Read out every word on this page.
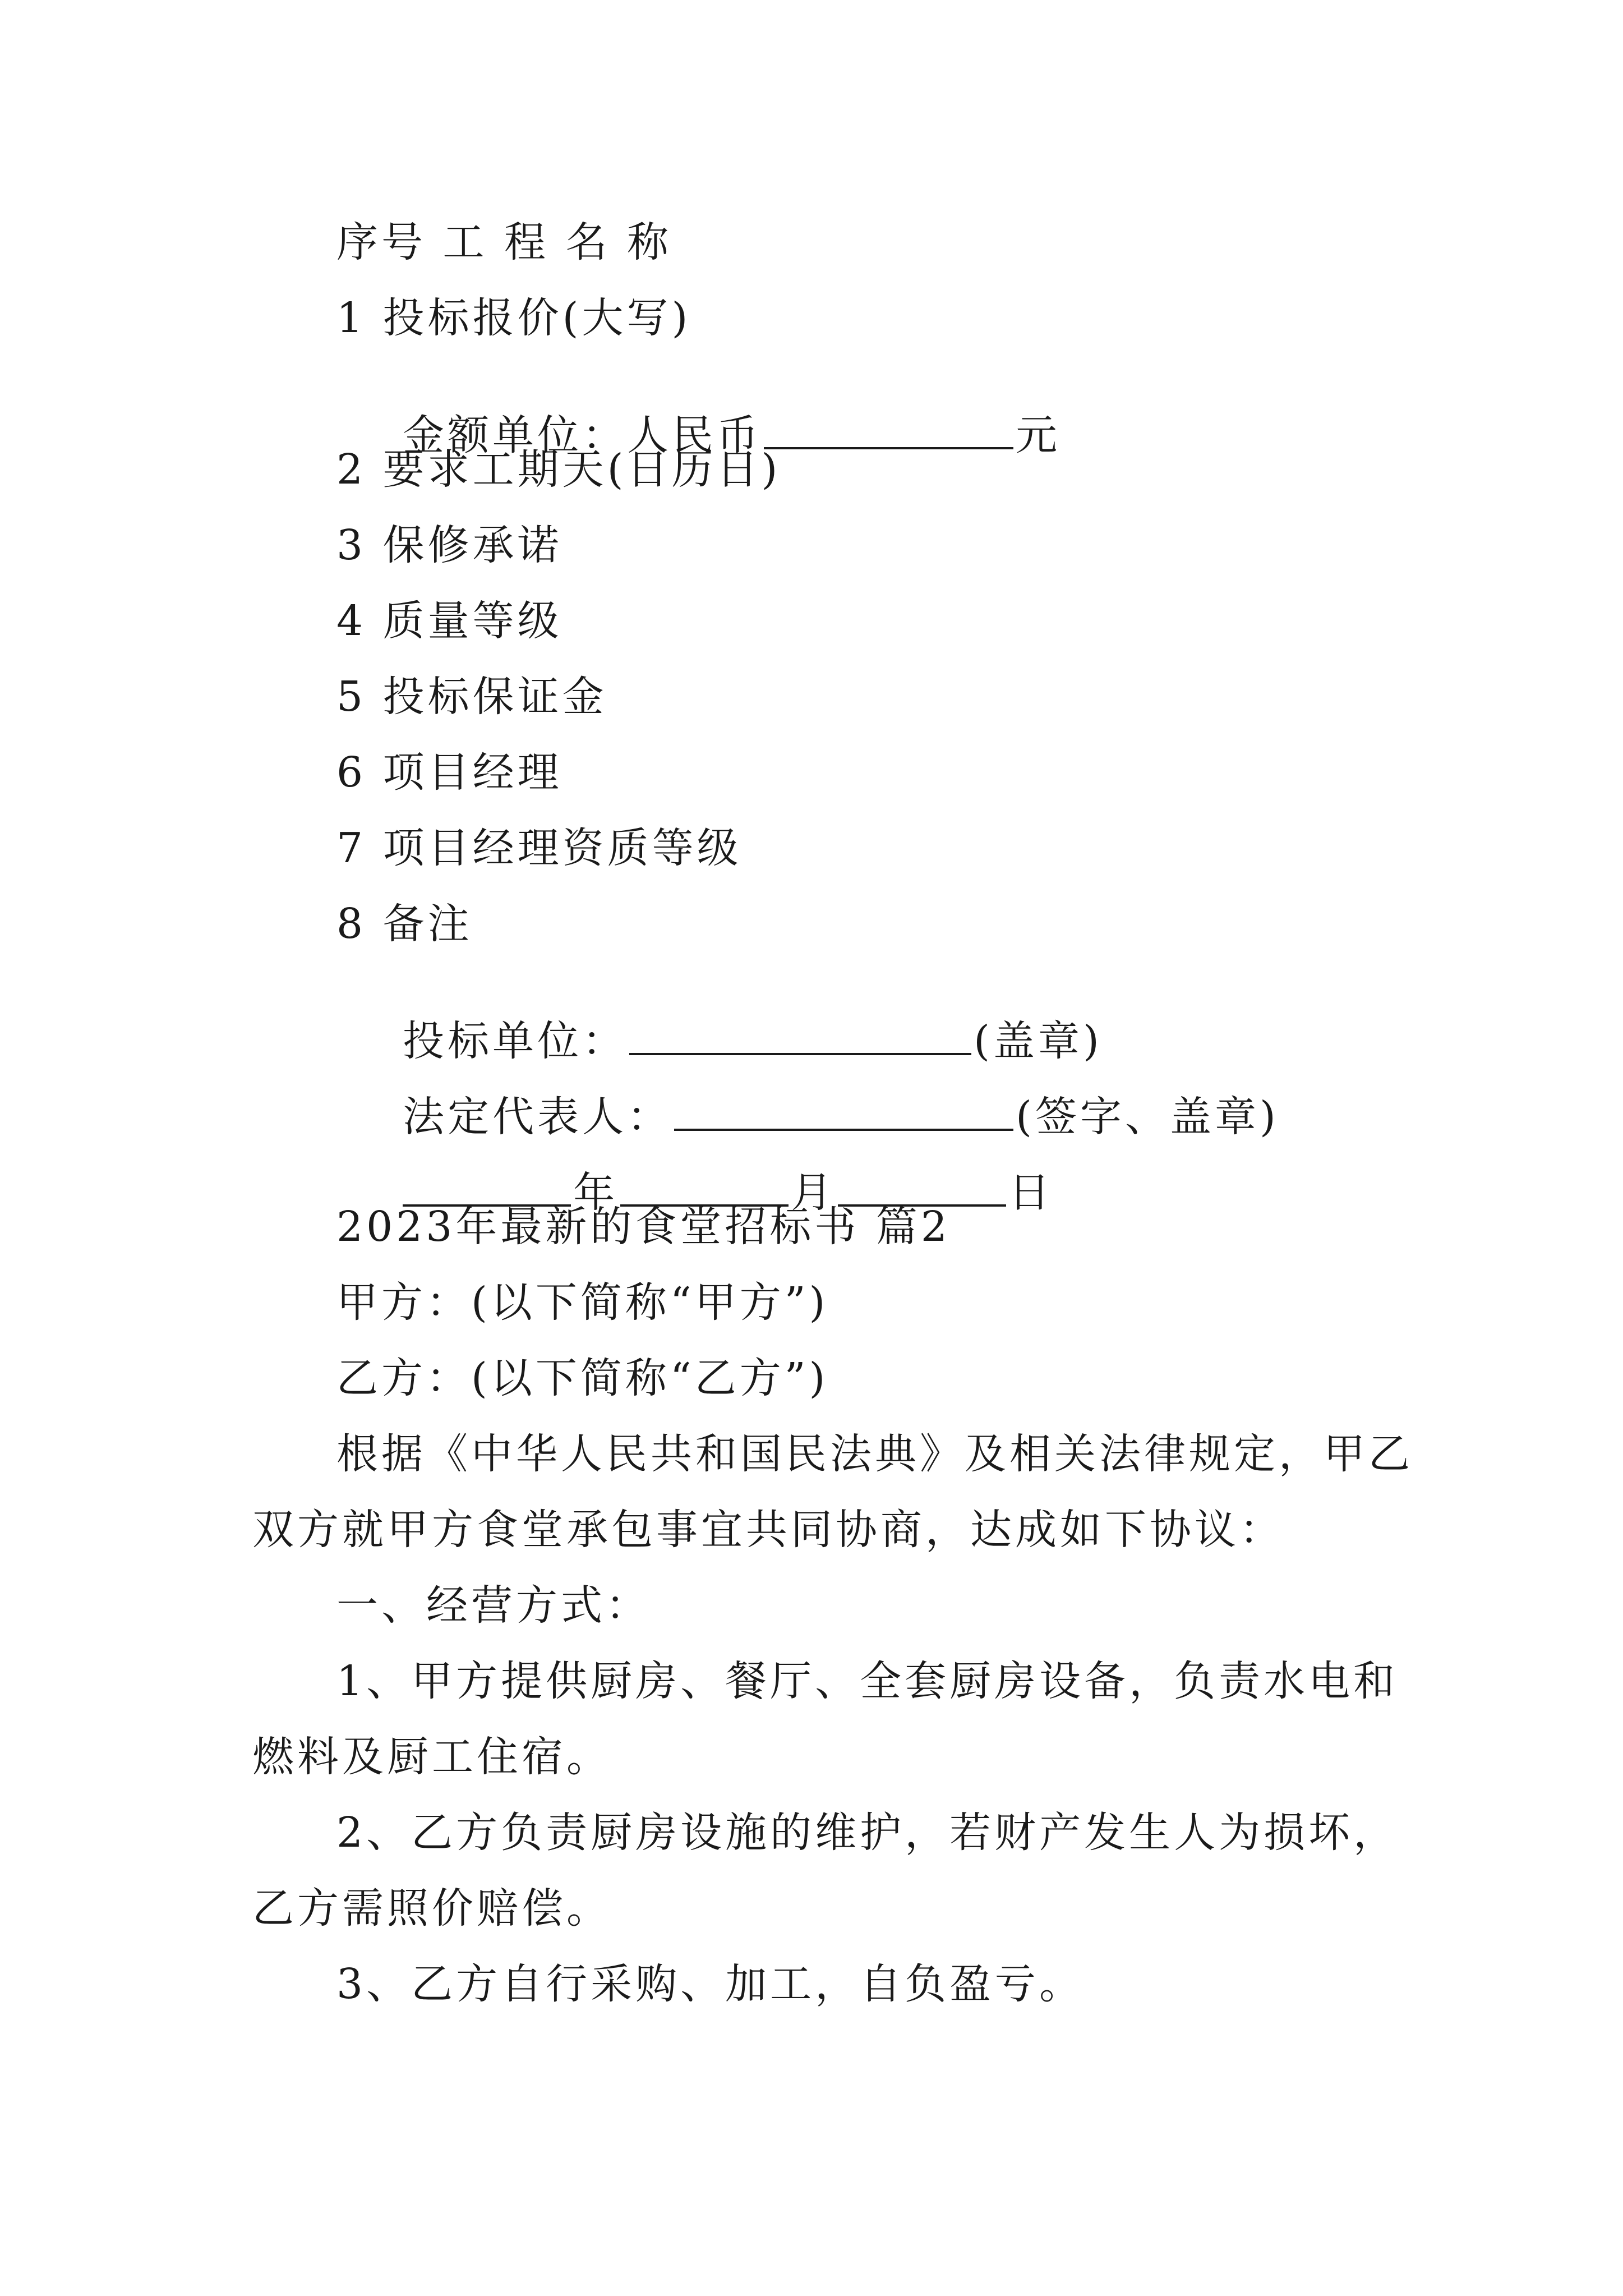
序号 工 程 名 称
1 投标报价(大写)

金额单位：人民币	元

2 要求工期天(日历日)
3 保修承诺
4 质量等级
5 投标保证金
6 项目经理
7 项目经理资质等级
8 备注

投标单位：	(盖章)

法定代表人：	(签字、盖章)

年	月	日

2023年最新的食堂招标书 篇2
甲方：(以下简称“甲方”)
乙方：(以下简称“乙方”)
根据《中华人民共和国民法典》及相关法律规定，甲乙
双方就甲方食堂承包事宜共同协商，达成如下协议：
一、经营方式：
1、甲方提供厨房、餐厅、全套厨房设备，负责水电和
燃料及厨工住宿。
2、乙方负责厨房设施的维护，若财产发生人为损坏，
乙方需照价赔偿。
3、乙方自行采购、加工，自负盈亏。
